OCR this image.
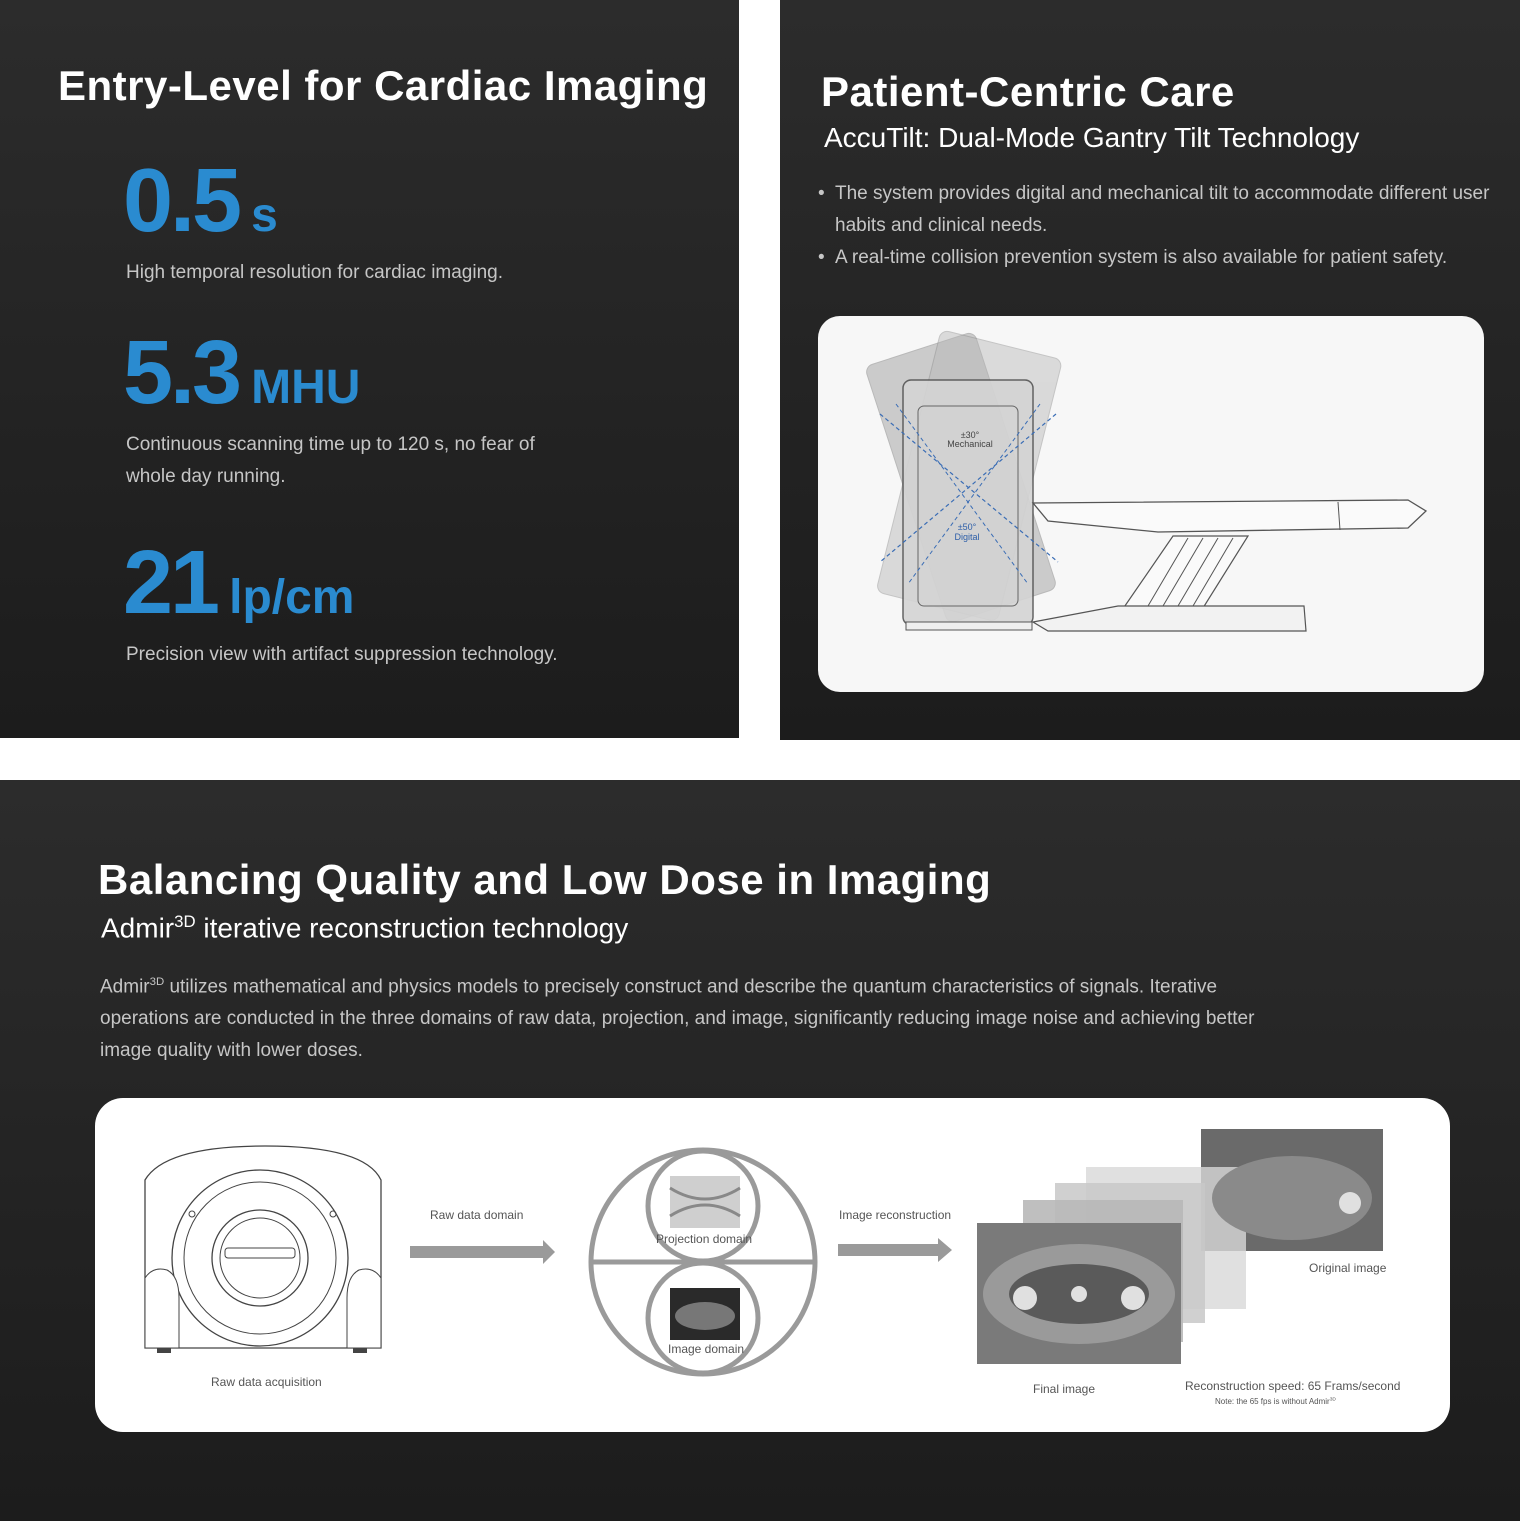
Entry-Level for Cardiac Imaging
0.5 s
High temporal resolution for cardiac imaging.
5.3 MHU
Continuous scanning time up to 120 s, no fear of whole day running.
21 lp/cm
Precision view with artifact suppression technology.
Patient-Centric Care
AccuTilt: Dual-Mode Gantry Tilt Technology
• The system provides digital and mechanical tilt to accommodate different user habits and clinical needs.
• A real-time collision prevention system is also available for patient safety.
±30°
Mechanical
±50°
Digital
Balancing Quality and Low Dose in Imaging
Admir$^{3D}$ iterative reconstruction technology
Admir$^{3D}$ utilizes mathematical and physics models to precisely construct and describe the quantum characteristics of signals. Iterative operations are conducted in the three domains of raw data, projection, and image, significantly reducing image noise and achieving better image quality with lower doses.
Raw data domain
Raw data acquisition
Projection domain
Image domain
Image reconstruction
Original image
Final image	Reconstruction speed: 65 Frams/second
Note: the 65 fps is without Admir$^{3D}$
